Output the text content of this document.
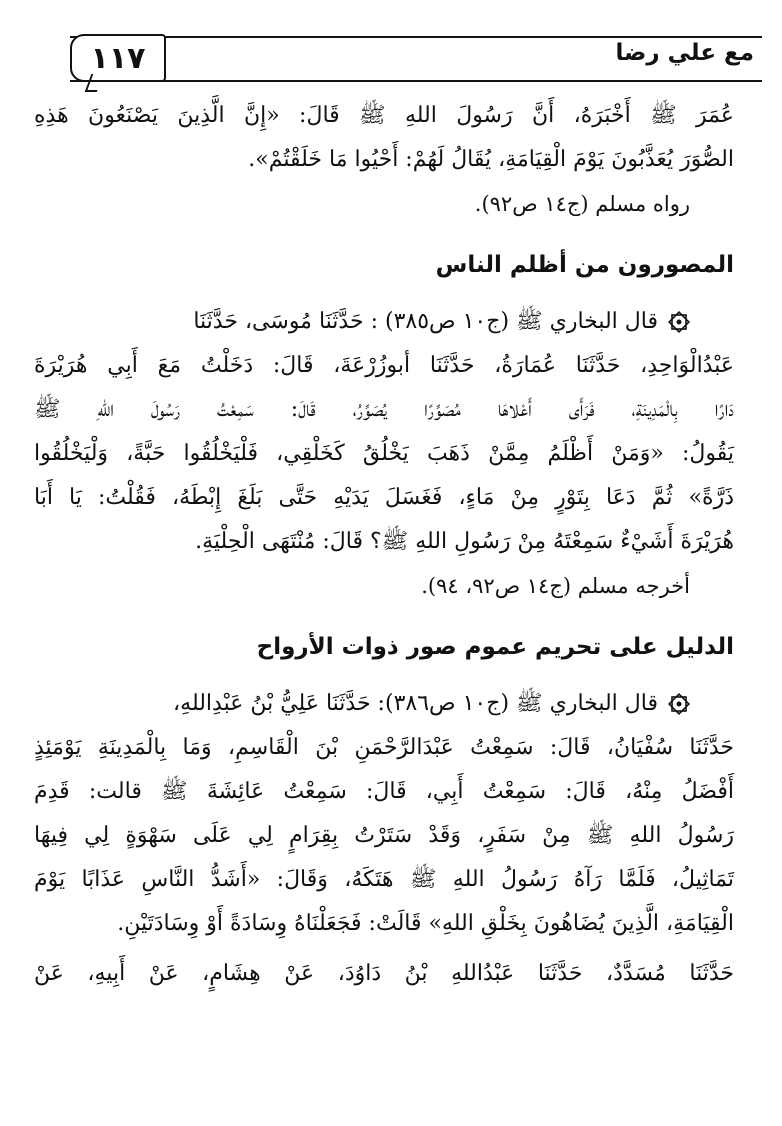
١١٧	مع علي رضا
عُمَرَ ﷺ أَخْبَرَهُ، أَنَّ رَسُولَ اللهِ ﷺ قَالَ: «إِنَّ الَّذِينَ يَصْنَعُونَ هَذِهِ
الصُّوَرَ يُعَذَّبُونَ يَوْمَ الْقِيَامَةِ، يُقَالُ لَهُمْ: أَحْيُوا مَا خَلَقْتُمْ».
رواه مسلم (ج١٤ ص٩٢).
المصورون من أظلم الناس
قال البخاري ﷺ (ج١٠ ص٣٨٥) : حَدَّثَنَا مُوسَى، حَدَّثَنَا
عَبْدُالْوَاحِدِ، حَدَّثَنَا عُمَارَةُ، حَدَّثَنَا أبوزُرْعَةَ، قَالَ: دَخَلْتُ مَعَ أَبِي هُرَيْرَةَ
دَارًا بِالْمَدِينَةِ، فَرَأَى أَعْلاهَا مُصَوِّرًا يُصَوِّرُ، قَالَ: سَمِعْتُ رَسُولَ اللهِ ﷺ
يَقُولُ: «وَمَنْ أَظْلَمُ مِمَّنْ ذَهَبَ يَخْلُقُ كَخَلْقِي، فَلْيَخْلُقُوا حَبَّةً، وَلْيَخْلُقُوا
ذَرَّةً» ثُمَّ دَعَا بِتَوْرٍ مِنْ مَاءٍ، فَغَسَلَ يَدَيْهِ حَتَّى بَلَغَ إِبْطَهُ، فَقُلْتُ: يَا أَبَا
هُرَيْرَةَ أَشَيْءٌ سَمِعْتَهُ مِنْ رَسُولِ اللهِ ﷺ؟ قَالَ: مُنْتَهَى الْحِلْيَةِ.
أخرجه مسلم (ج١٤ ص٩٢، ٩٤).
الدليل على تحريم عموم صور ذوات الأرواح
قال البخاري ﷺ (ج١٠ ص٣٨٦): حَدَّثَنَا عَلِيُّ بْنُ عَبْدِاللهِ،
حَدَّثَنَا سُفْيَانُ، قَالَ: سَمِعْتُ عَبْدَالرَّحْمَنِ بْنَ الْقَاسِمِ، وَمَا بِالْمَدِينَةِ يَوْمَئِذٍ
أَفْضَلُ مِنْهُ، قَالَ: سَمِعْتُ أَبِي، قَالَ: سَمِعْتُ عَائِشَةَ ﷺ قالت: قَدِمَ
رَسُولُ اللهِ ﷺ مِنْ سَفَرٍ، وَقَدْ سَتَرْتُ بِقِرَامٍ لِي عَلَى سَهْوَةٍ لِي فِيهَا
تَمَاثِيلُ، فَلَمَّا رَآهُ رَسُولُ اللهِ ﷺ هَتَكَهُ، وَقَالَ: «أَشَدُّ النَّاسِ عَذَابًا يَوْمَ
الْقِيَامَةِ، الَّذِينَ يُضَاهُونَ بِخَلْقِ اللهِ» قَالَتْ: فَجَعَلْنَاهُ وِسَادَةً أَوْ وِسَادَتَيْنِ.
حَدَّثَنَا مُسَدَّدٌ، حَدَّثَنَا عَبْدُاللهِ بْنُ دَاوُدَ، عَنْ هِشَامٍ، عَنْ أَبِيهِ، عَنْ
